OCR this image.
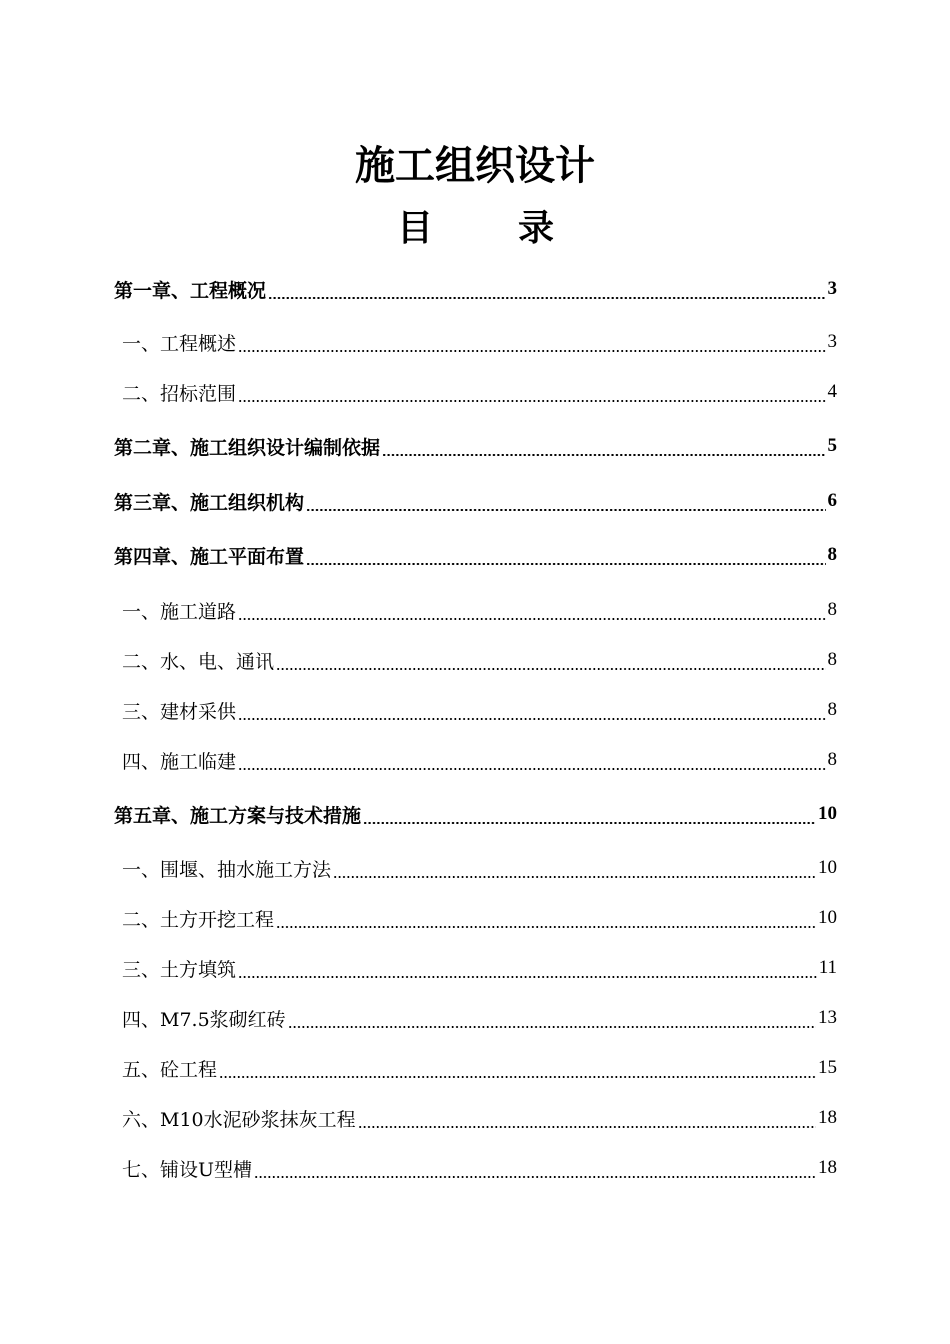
施工组织设计
目 录
第一章、工程概况	3
一、工程概述	3
二、招标范围	4
第二章、施工组织设计编制依据	5
第三章、施工组织机构	6
第四章、施工平面布置	8
一、施工道路	8
二、水、电、通讯	8
三、建材采供	8
四、施工临建	8
第五章、施工方案与技术措施	10
一、围堰、抽水施工方法	10
二、土方开挖工程	10
三、土方填筑	11
四、M7.5浆砌红砖	13
五、砼工程	15
六、M10水泥砂浆抹灰工程	18
七、铺设U型槽	18
